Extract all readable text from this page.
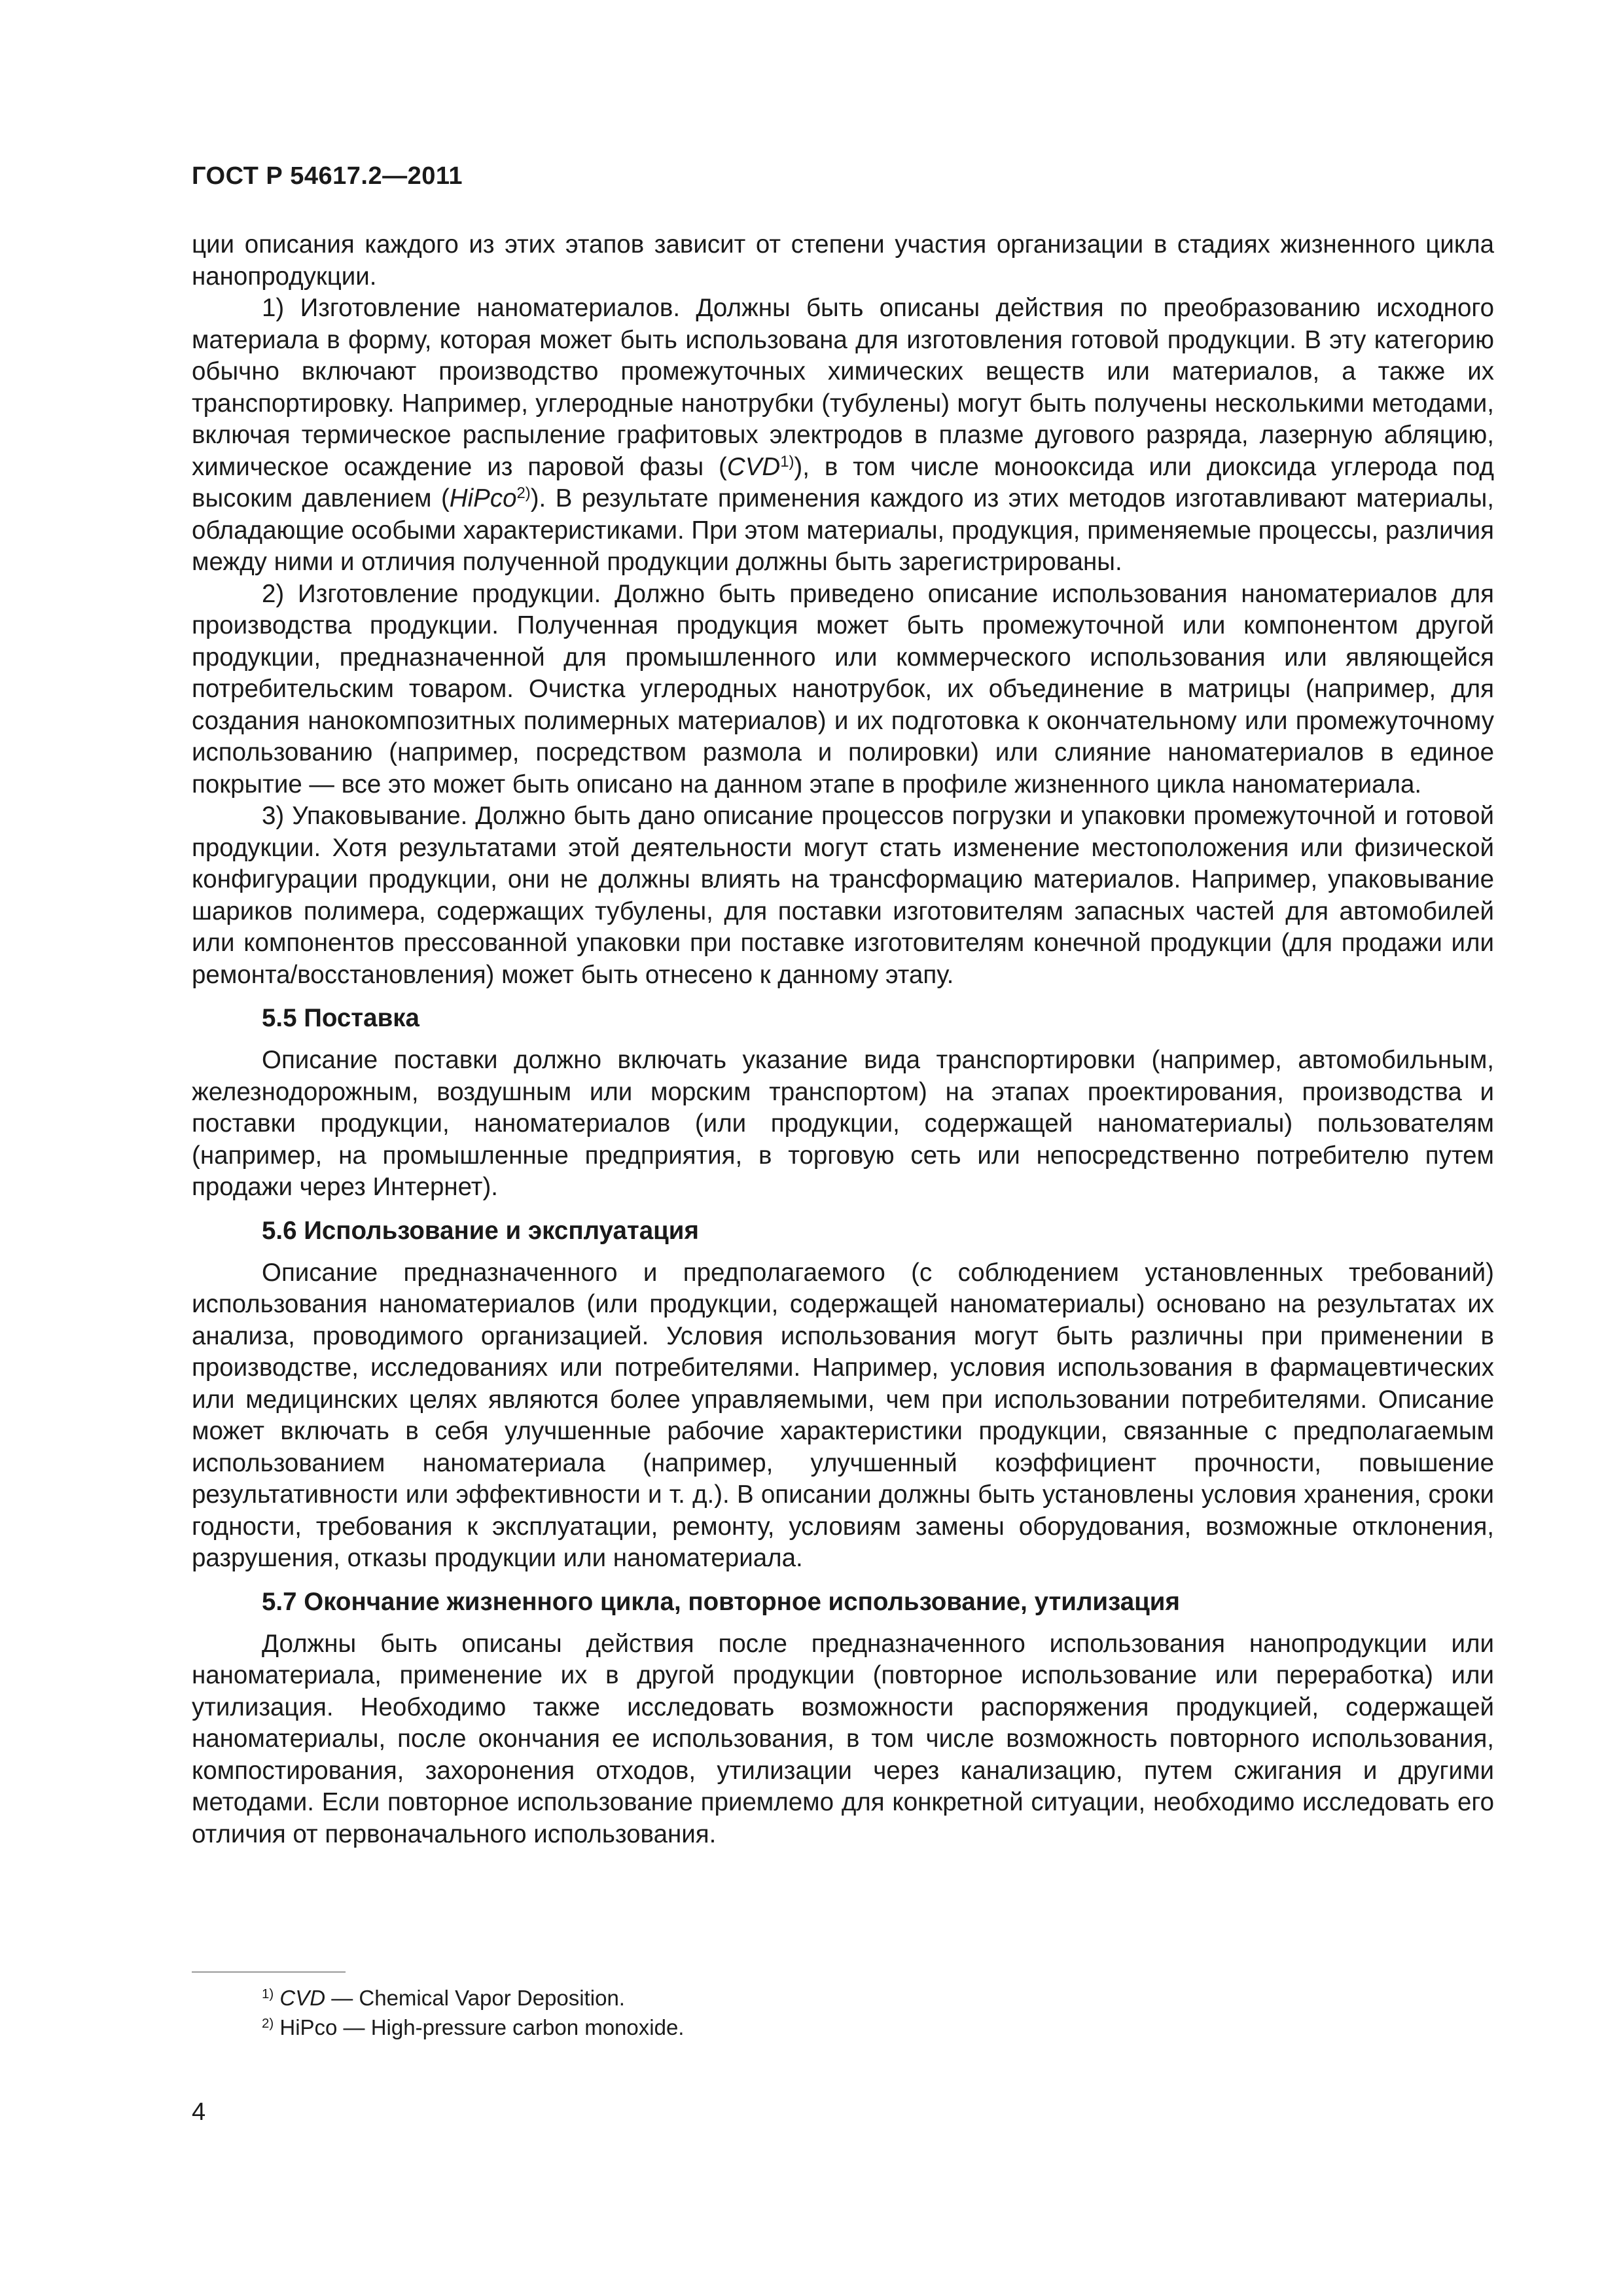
ГОСТ Р 54617.2—2011

ции описания каждого из этих этапов зависит от степени участия организации в стадиях жизненного цикла нанопродукции.

1) Изготовление наноматериалов. Должны быть описаны действия по преобразованию исходного материала в форму, которая может быть использована для изготовления готовой продукции. В эту категорию обычно включают производство промежуточных химических веществ или материалов, а также их транспортировку. Например, углеродные нанотрубки (тубулены) могут быть получены несколькими методами, включая термическое распыление графитовых электродов в плазме дугового разряда, лазерную абляцию, химическое осаждение из паровой фазы (CVD$^{1)}$), в том числе монооксида или диоксида углерода под высоким давлением (HiPco$^{2)}$). В результате применения каждого из этих методов изготавливают материалы, обладающие особыми характеристиками. При этом материалы, продукция, применяемые процессы, различия между ними и отличия полученной продукции должны быть зарегистрированы.

2) Изготовление продукции. Должно быть приведено описание использования наноматериалов для производства продукции. Полученная продукция может быть промежуточной или компонентом другой продукции, предназначенной для промышленного или коммерческого использования или являющейся потребительским товаром. Очистка углеродных нанотрубок, их объединение в матрицы (например, для создания нанокомпозитных полимерных материалов) и их подготовка к окончательному или промежуточному использованию (например, посредством размола и полировки) или слияние наноматериалов в единое покрытие — все это может быть описано на данном этапе в профиле жизненного цикла наноматериала.

3) Упаковывание. Должно быть дано описание процессов погрузки и упаковки промежуточной и готовой продукции. Хотя результатами этой деятельности могут стать изменение местоположения или физической конфигурации продукции, они не должны влиять на трансформацию материалов. Например, упаковывание шариков полимера, содержащих тубулены, для поставки изготовителям запасных частей для автомобилей или компонентов прессованной упаковки при поставке изготовителям конечной продукции (для продажи или ремонта/восстановления) может быть отнесено к данному этапу.

5.5 Поставка

Описание поставки должно включать указание вида транспортировки (например, автомобильным, железнодорожным, воздушным или морским транспортом) на этапах проектирования, производства и поставки продукции, наноматериалов (или продукции, содержащей наноматериалы) пользователям (например, на промышленные предприятия, в торговую сеть или непосредственно потребителю путем продажи через Интернет).

5.6 Использование и эксплуатация

Описание предназначенного и предполагаемого (с соблюдением установленных требований) использования наноматериалов (или продукции, содержащей наноматериалы) основано на результатах их анализа, проводимого организацией. Условия использования могут быть различны при применении в производстве, исследованиях или потребителями. Например, условия использования в фармацевтических или медицинских целях являются более управляемыми, чем при использовании потребителями. Описание может включать в себя улучшенные рабочие характеристики продукции, связанные с предполагаемым использованием наноматериала (например, улучшенный коэффициент прочности, повышение результативности или эффективности и т. д.). В описании должны быть установлены условия хранения, сроки годности, требования к эксплуатации, ремонту, условиям замены оборудования, возможные отклонения, разрушения, отказы продукции или наноматериала.

5.7 Окончание жизненного цикла, повторное использование, утилизация

Должны быть описаны действия после предназначенного использования нанопродукции или наноматериала, применение их в другой продукции (повторное использование или переработка) или утилизация. Необходимо также исследовать возможности распоряжения продукцией, содержащей наноматериалы, после окончания ее использования, в том числе возможность повторного использования, компостирования, захоронения отходов, утилизации через канализацию, путем сжигания и другими методами. Если повторное использование приемлемо для конкретной ситуации, необходимо исследовать его отличия от первоначального использования.

$^{1)}$ CVD — Chemical Vapor Deposition.
$^{2)}$ HiPco — High-pressure carbon monoxide.
4
